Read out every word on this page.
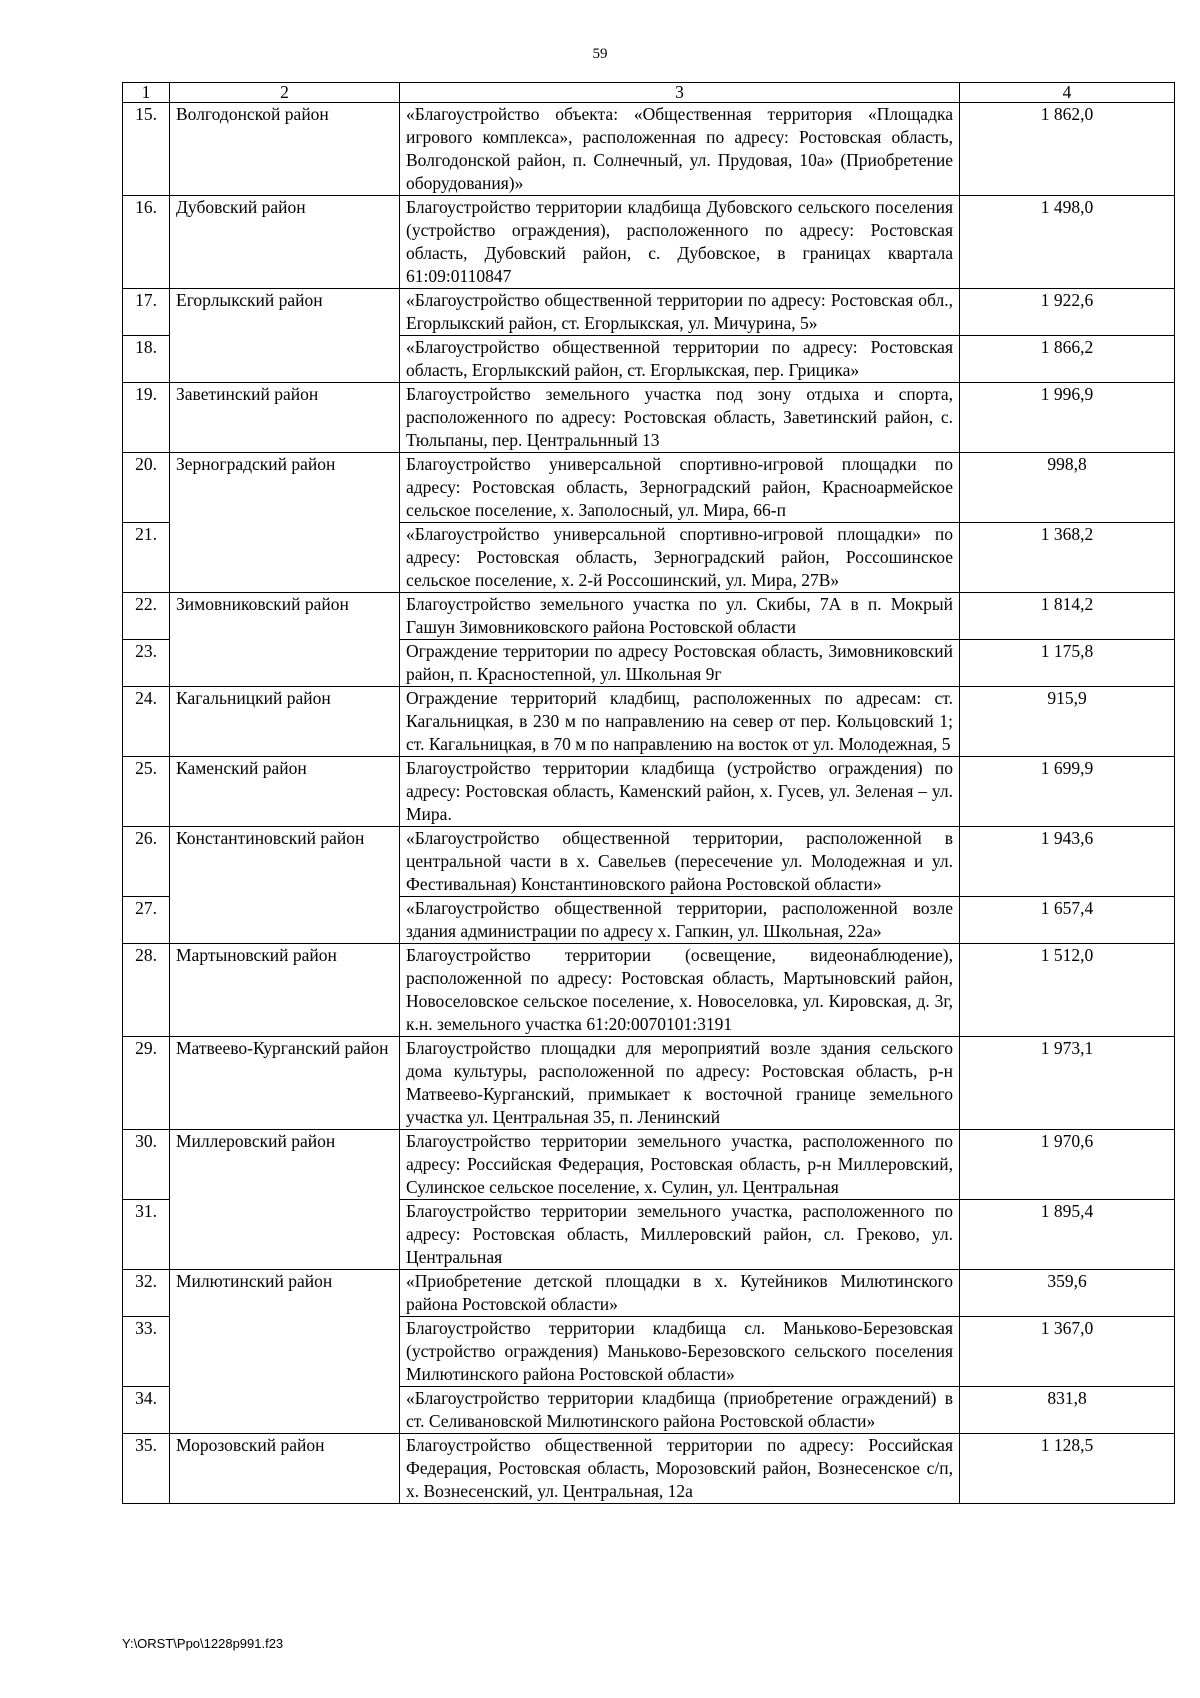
59
1	2	3	4
15.	Волгодонской район	«Благоустройство объекта: «Общественная территория «Площадка игрового комплекса», расположенная по адресу: Ростовская область, Волгодонской район, п. Солнечный, ул. Прудовая, 10а» (Приобретение оборудования)»	1 862,0
16.	Дубовский район	Благоустройство территории кладбища Дубовского сельского поселения (устройство ограждения), расположенного по адресу: Ростовская область, Дубовский район, с. Дубовское, в границах квартала 61:09:0110847	1 498,0
17.	Егорлыкский район	«Благоустройство общественной территории по адресу: Ростовская обл., Егорлыкский район, ст. Егорлыкская, ул. Мичурина, 5»	1 922,6
18.		«Благоустройство общественной территории по адресу: Ростовская область, Егорлыкский район, ст. Егорлыкская, пер. Грицика»	1 866,2
19.	Заветинский район	Благоустройство земельного участка под зону отдыха и спорта, расположенного по адресу: Ростовская область, Заветинский район, с. Тюльпаны, пер. Центральнный 13	1 996,9
20.	Зерноградский район	Благоустройство универсальной спортивно-игровой площадки по адресу: Ростовская область, Зерноградский район, Красноармейское сельское поселение, х. Заполосный, ул. Мира, 66-п	998,8
21.		«Благоустройство универсальной спортивно-игровой площадки» по адресу: Ростовская область, Зерноградский район, Россошинское сельское поселение, х. 2-й Россошинский, ул. Мира, 27В»	1 368,2
22.	Зимовниковский район	Благоустройство земельного участка по ул. Скибы, 7А в п. Мокрый Гашун Зимовниковского района Ростовской области	1 814,2
23.		Ограждение территории по адресу Ростовская область, Зимовниковский район, п. Красностепной, ул. Школьная 9г	1 175,8
24.	Кагальницкий район	Ограждение территорий кладбищ, расположенных по адресам: ст. Кагальницкая, в 230 м по направлению на север от пер. Кольцовский 1; ст. Кагальницкая, в 70 м по направлению на восток от ул. Молодежная, 5	915,9
25.	Каменский район	Благоустройство территории кладбища (устройство ограждения) по адресу: Ростовская область, Каменский район, х. Гусев, ул. Зеленая – ул. Мира.	1 699,9
26.	Константиновский район	«Благоустройство общественной территории, расположенной в центральной части в х. Савельев (пересечение ул. Молодежная и ул. Фестивальная) Константиновского района Ростовской области»	1 943,6
27.		«Благоустройство общественной территории, расположенной возле здания администрации по адресу х. Гапкин, ул. Школьная, 22а»	1 657,4
28.	Мартыновский район	Благоустройство территории (освещение, видеонаблюдение), расположенной по адресу: Ростовская область, Мартыновский район, Новоселовское сельское поселение, х. Новоселовка, ул. Кировская, д. 3г, к.н. земельного участка 61:20:0070101:3191	1 512,0
29.	Матвеево-Курганский район	Благоустройство площадки для мероприятий возле здания сельского дома культуры, расположенной по адресу: Ростовская область, р-н Матвеево-Курганский, примыкает к восточной границе земельного участка ул. Центральная 35, п. Ленинский	1 973,1
30.	Миллеровский район	Благоустройство территории земельного участка, расположенного по адресу: Российская Федерация, Ростовская область, р-н Миллеровский, Сулинское сельское поселение, х. Сулин, ул. Центральная	1 970,6
31.		Благоустройство территории земельного участка, расположенного по адресу: Ростовская область, Миллеровский район, сл. Греково, ул. Центральная	1 895,4
32.	Милютинский район	«Приобретение детской площадки в х. Кутейников Милютинского района Ростовской области»	359,6
33.		Благоустройство территории кладбища сл. Маньково-Березовская (устройство ограждения) Маньково-Березовского сельского поселения Милютинского района Ростовской области»	1 367,0
34.		«Благоустройство территории кладбища (приобретение ограждений) в ст. Селивановской Милютинского района Ростовской области»	831,8
35.	Морозовский район	Благоустройство общественной территории по адресу: Российская Федерация, Ростовская область, Морозовский район, Вознесенское с/п, х. Вознесенский, ул. Центральная, 12а	1 128,5
Y:\ORST\Ppo\1228p991.f23
